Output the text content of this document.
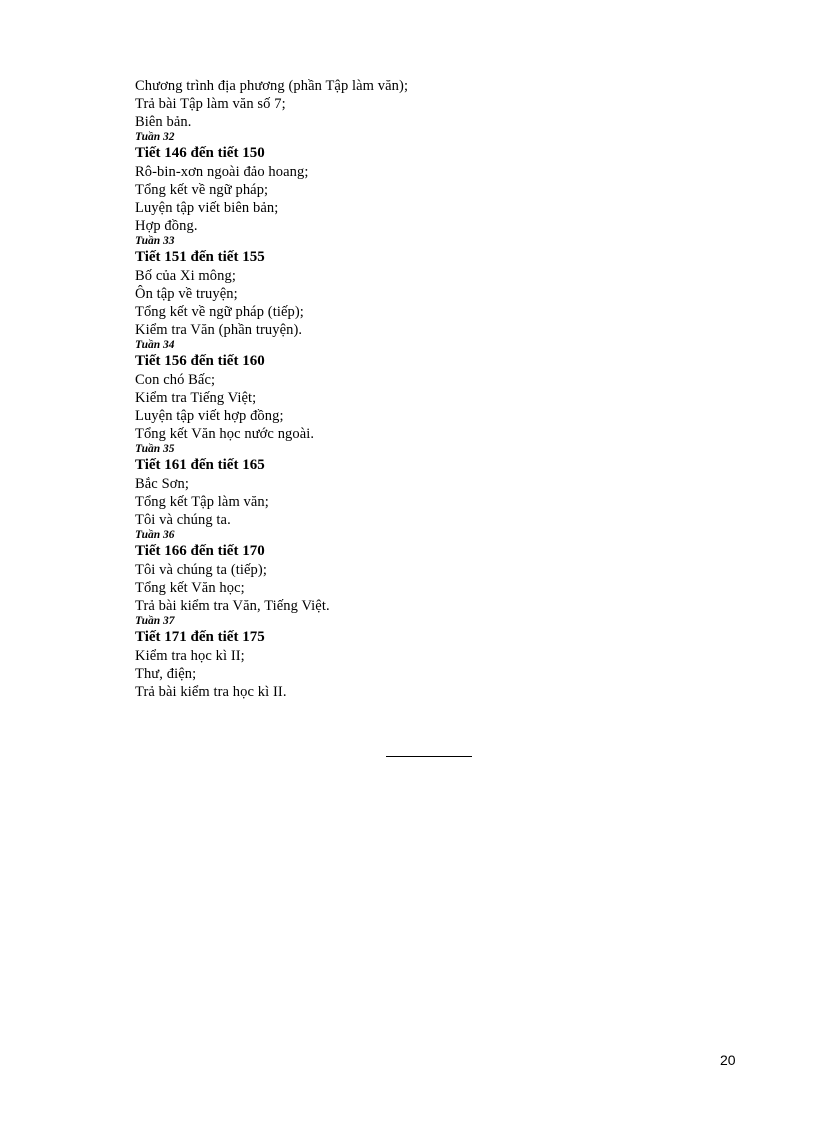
Chương trình địa phương (phần Tập làm văn);
Trả bài Tập làm văn số 7;
Biên bản.
Tuần 32
Tiết 146 đến tiết 150
Rô-bin-xơn ngoài đảo hoang;
Tổng kết về ngữ pháp;
Luyện tập viết biên bản;
Hợp đồng.
Tuần 33
Tiết 151 đến tiết 155
Bố của Xi mông;
Ôn tập về truyện;
Tổng kết về ngữ pháp (tiếp);
Kiểm tra Văn (phần truyện).
Tuần 34
Tiết 156 đến tiết 160
Con chó Bấc;
Kiểm tra Tiếng Việt;
Luyện tập viết hợp đồng;
Tổng kết Văn học nước ngoài.
Tuần 35
Tiết 161 đến tiết 165
Bắc Sơn;
Tổng kết Tập làm văn;
Tôi và chúng ta.
Tuần 36
Tiết 166 đến tiết 170
Tôi và chúng ta (tiếp);
Tổng kết Văn học;
Trả bài kiểm tra Văn, Tiếng Việt.
Tuần 37
Tiết 171 đến tiết 175
Kiểm tra học kì II;
Thư, điện;
Trả bài kiểm tra học kì II.
20
